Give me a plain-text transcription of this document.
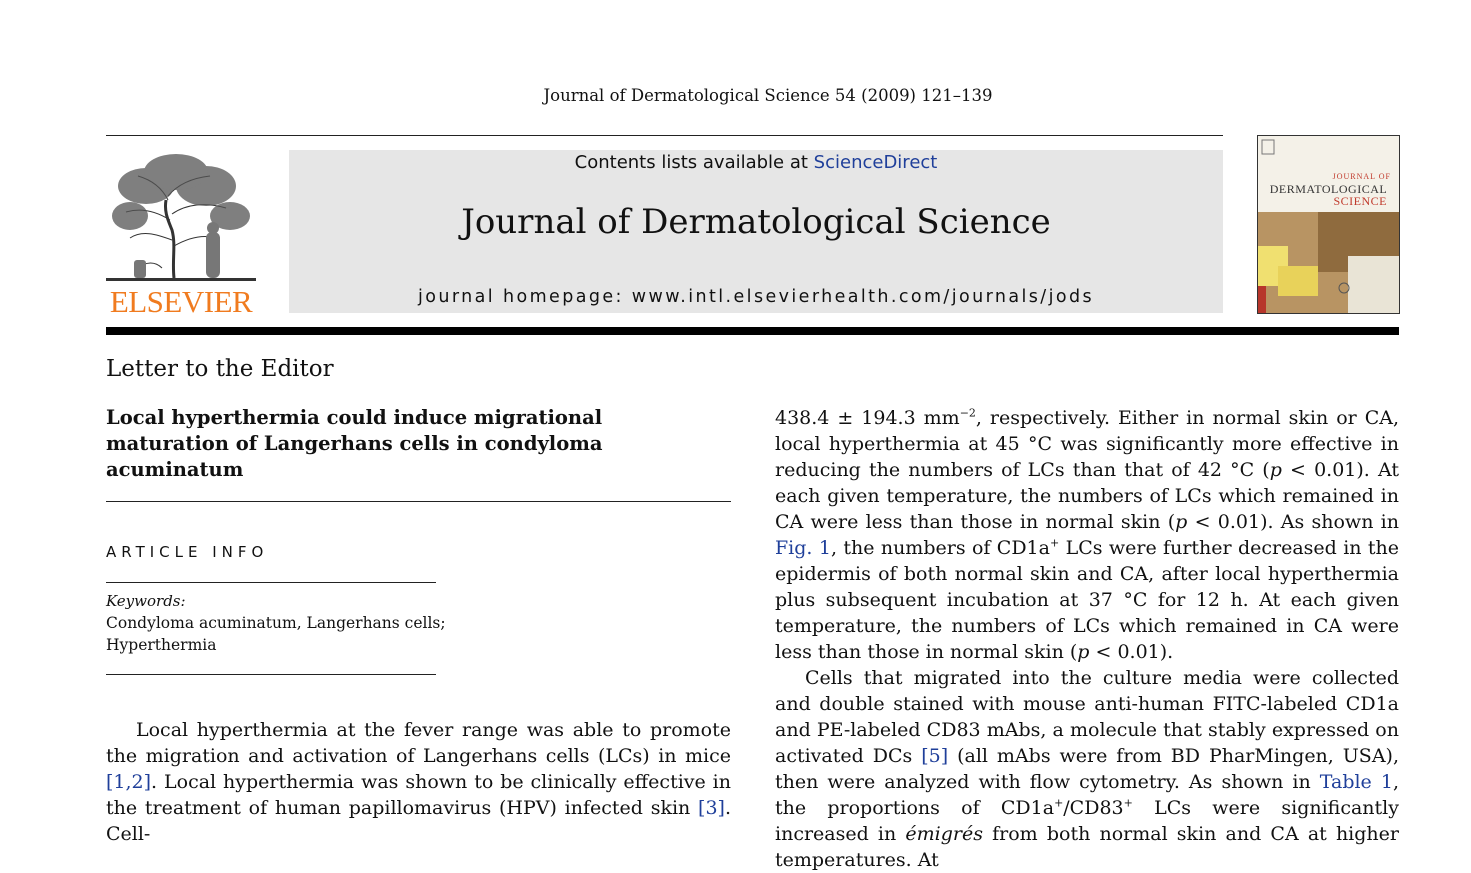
Journal of Dermatological Science 54 (2009) 121–139
ELSEVIER
Contents lists available at ScienceDirect
Journal of Dermatological Science
journal homepage: www.intl.elsevierhealth.com/journals/jods
JOURNAL OF
DERMATOLOGICAL
SCIENCE
Letter to the Editor
Local hyperthermia could induce migrational maturation of Langerhans cells in condyloma acuminatum
ARTICLE INFO
Keywords:
Condyloma acuminatum, Langerhans cells;
Hyperthermia

Local hyperthermia at the fever range was able to promote the migration and activation of Langerhans cells (LCs) in mice [1,2]. Local hyperthermia was shown to be clinically effective in the treatment of human papillomavirus (HPV) infected skin [3]. Cell-

438.4 ± 194.3 $mm^{-2}$, respectively. Either in normal skin or CA, local hyperthermia at 45 °C was significantly more effective in reducing the numbers of LCs than that of 42 °C (p < 0.01). At each given temperature, the numbers of LCs which remained in CA were less than those in normal skin (p < 0.01). As shown in Fig. 1, the numbers of CD1a+ LCs were further decreased in the epidermis of both normal skin and CA, after local hyperthermia plus subsequent incubation at 37 °C for 12 h. At each given temperature, the numbers of LCs which remained in CA were less than those in normal skin (p < 0.01).

Cells that migrated into the culture media were collected and double stained with mouse anti-human FITC-labeled CD1a and PE-labeled CD83 mAbs, a molecule that stably expressed on activated DCs [5] (all mAbs were from BD PharMingen, USA), then were analyzed with flow cytometry. As shown in Table 1, the proportions of CD1a+/CD83+ LCs were significantly increased in émigrés from both normal skin and CA at higher temperatures. At
